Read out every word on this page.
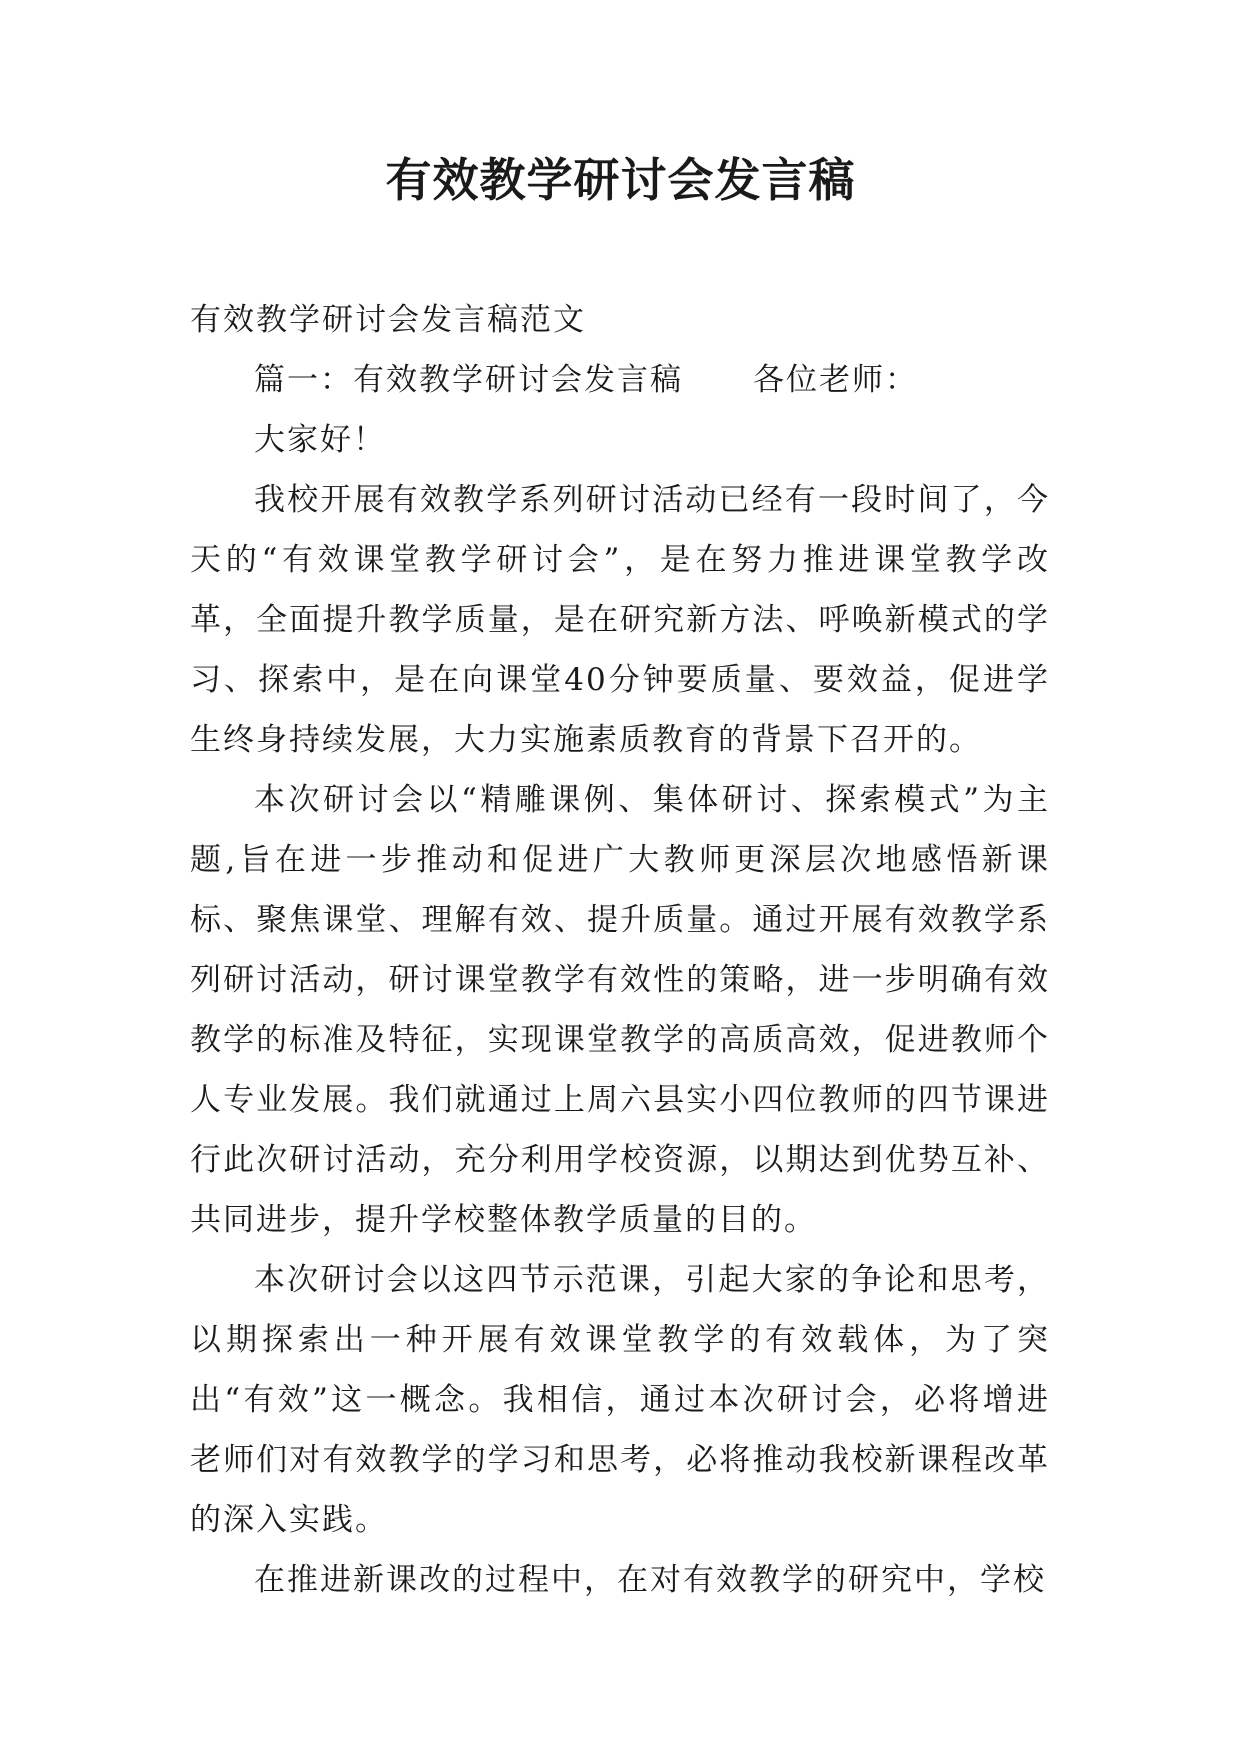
有效教学研讨会发言稿

有效教学研讨会发言稿范文

篇一：有效教学研讨会发言稿 各位老师：

大家好！

我校开展有效教学系列研讨活动已经有一段时间了，今天的“有效课堂教学研讨会”，是在努力推进课堂教学改革，全面提升教学质量，是在研究新方法、呼唤新模式的学习、探索中，是在向课堂40分钟要质量、要效益，促进学生终身持续发展，大力实施素质教育的背景下召开的。

本次研讨会以“精雕课例、集体研讨、探索模式”为主题,旨在进一步推动和促进广大教师更深层次地感悟新课标、聚焦课堂、理解有效、提升质量。通过开展有效教学系列研讨活动，研讨课堂教学有效性的策略，进一步明确有效教学的标准及特征，实现课堂教学的高质高效，促进教师个人专业发展。我们就通过上周六县实小四位教师的四节课进行此次研讨活动，充分利用学校资源，以期达到优势互补、共同进步，提升学校整体教学质量的目的。

本次研讨会以这四节示范课，引起大家的争论和思考，以期探索出一种开展有效课堂教学的有效载体，为了突出“有效”这一概念。我相信，通过本次研讨会，必将增进老师们对有效教学的学习和思考，必将推动我校新课程改革的深入实践。

在推进新课改的过程中，在对有效教学的研究中，学校
